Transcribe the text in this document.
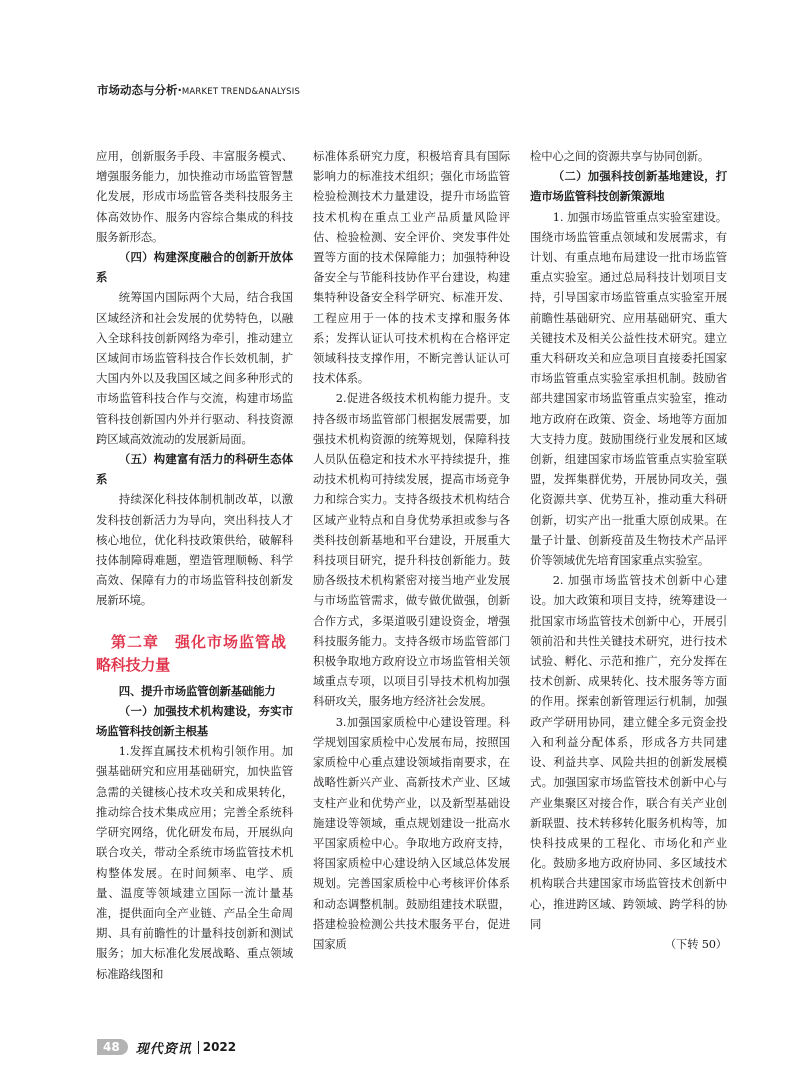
市场动态与分析·MARKET TREND&ANALYSIS

应用，创新服务手段、丰富服务模式、增强服务能力，加快推动市场监管智慧化发展，形成市场监管各类科技服务主体高效协作、服务内容综合集成的科技服务新形态。

（四）构建深度融合的创新开放体系

统筹国内国际两个大局，结合我国区域经济和社会发展的优势特色，以融入全球科技创新网络为牵引，推动建立区域间市场监管科技合作长效机制，扩大国内外以及我国区域之间多种形式的市场监管科技合作与交流，构建市场监管科技创新国内外并行驱动、科技资源跨区域高效流动的发展新局面。

（五）构建富有活力的科研生态体系

持续深化科技体制机制改革，以激发科技创新活力为导向，突出科技人才核心地位，优化科技政策供给，破解科技体制障碍难题，塑造管理顺畅、科学高效、保障有力的市场监管科技创新发展新环境。

第二章　强化市场监管战
略科技力量

四、提升市场监管创新基础能力

（一）加强技术机构建设，夯实市场监管科技创新主根基

1.发挥直属技术机构引领作用。加强基础研究和应用基础研究，加快监管急需的关键核心技术攻关和成果转化，推动综合技术集成应用；完善全系统科学研究网络，优化研发布局，开展纵向联合攻关，带动全系统市场监管技术机构整体发展。在时间频率、电学、质量、温度等领域建立国际一流计量基准，提供面向全产业链、产品全生命周期、具有前瞻性的计量科技创新和测试服务；加大标准化发展战略、重点领域标准路线图和

标准体系研究力度，积极培育具有国际影响力的标准技术组织；强化市场监管检验检测技术力量建设，提升市场监管技术机构在重点工业产品质量风险评估、检验检测、安全评价、突发事件处置等方面的技术保障能力；加强特种设备安全与节能科技协作平台建设，构建集特种设备安全科学研究、标准开发、工程应用于一体的技术支撑和服务体系；发挥认证认可技术机构在合格评定领域科技支撑作用，不断完善认证认可技术体系。

2.促进各级技术机构能力提升。支持各级市场监管部门根据发展需要，加强技术机构资源的统筹规划，保障科技人员队伍稳定和技术水平持续提升，推动技术机构可持续发展，提高市场竞争力和综合实力。支持各级技术机构结合区域产业特点和自身优势承担或参与各类科技创新基地和平台建设，开展重大科技项目研究，提升科技创新能力。鼓励各级技术机构紧密对接当地产业发展与市场监管需求，做专做优做强，创新合作方式，多渠道吸引建设资金，增强科技服务能力。支持各级市场监管部门积极争取地方政府设立市场监管相关领域重点专项，以项目引导技术机构加强科研攻关，服务地方经济社会发展。

3.加强国家质检中心建设管理。科学规划国家质检中心发展布局，按照国家质检中心重点建设领域指南要求，在战略性新兴产业、高新技术产业、区域支柱产业和优势产业，以及新型基础设施建设等领域，重点规划建设一批高水平国家质检中心。争取地方政府支持，将国家质检中心建设纳入区域总体发展规划。完善国家质检中心考核评价体系和动态调整机制。鼓励组建技术联盟，搭建检验检测公共技术服务平台，促进国家质

检中心之间的资源共享与协同创新。

（二）加强科技创新基地建设，打造市场监管科技创新策源地

1. 加强市场监管重点实验室建设。围绕市场监管重点领域和发展需求，有计划、有重点地布局建设一批市场监管重点实验室。通过总局科技计划项目支持，引导国家市场监管重点实验室开展前瞻性基础研究、应用基础研究、重大关键技术及相关公益性技术研究。建立重大科研攻关和应急项目直接委托国家市场监管重点实验室承担机制。鼓励省部共建国家市场监管重点实验室，推动地方政府在政策、资金、场地等方面加大支持力度。鼓励围绕行业发展和区域创新，组建国家市场监管重点实验室联盟，发挥集群优势，开展协同攻关，强化资源共享、优势互补，推动重大科研创新，切实产出一批重大原创成果。在量子计量、创新疫苗及生物技术产品评价等领域优先培育国家重点实验室。

2. 加强市场监管技术创新中心建设。加大政策和项目支持，统筹建设一批国家市场监管技术创新中心，开展引领前沿和共性关键技术研究，进行技术试验、孵化、示范和推广，充分发挥在技术创新、成果转化、技术服务等方面的作用。探索创新管理运行机制，加强政产学研用协同，建立健全多元资金投入和利益分配体系，形成各方共同建设、利益共享、风险共担的创新发展模式。加强国家市场监管技术创新中心与产业集聚区对接合作，联合有关产业创新联盟、技术转移转化服务机构等，加快科技成果的工程化、市场化和产业化。鼓励多地方政府协同、多区域技术机构联合共建国家市场监管技术创新中心，推进跨区域、跨领域、跨学科的协同

（下转 50）

48	现代资讯 2022
